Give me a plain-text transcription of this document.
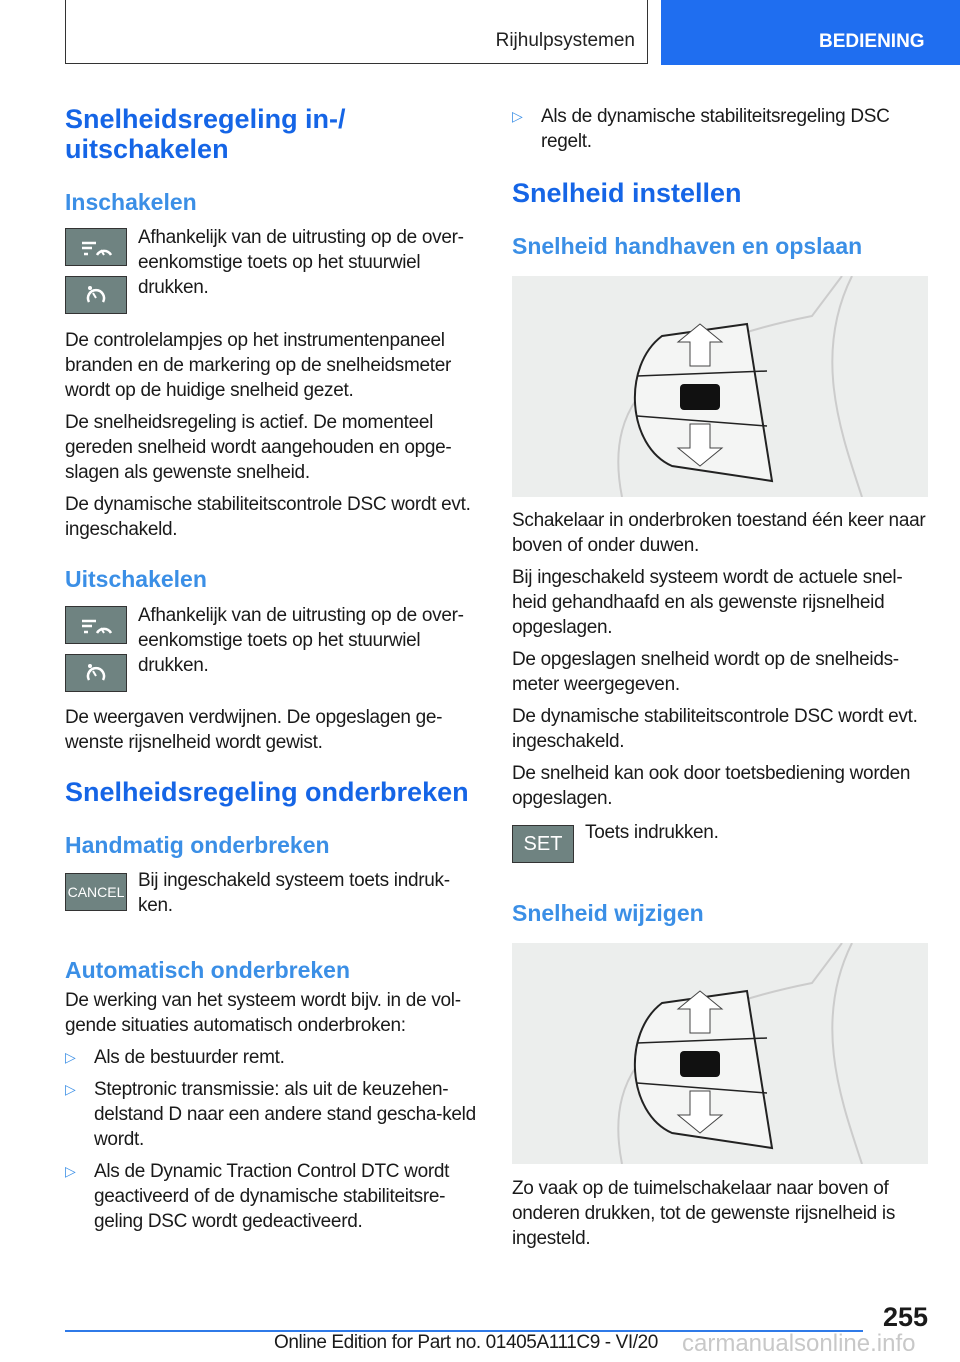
Rijhulpsystemen	BEDIENING
Snelheidsregeling in-/ uitschakelen
Inschakelen

Afhankelijk van de uitrusting op de over-eenkomstige toets op het stuurwiel drukken.

De controlelampjes op het instrumentenpaneel branden en de markering op de snelheidsmeter wordt op de huidige snelheid gezet.

De snelheidsregeling is actief. De momenteel gereden snelheid wordt aangehouden en opge-slagen als gewenste snelheid.

De dynamische stabiliteitscontrole DSC wordt evt. ingeschakeld.

Uitschakelen

Afhankelijk van de uitrusting op de over-eenkomstige toets op het stuurwiel drukken.

De weergaven verdwijnen. De opgeslagen ge-wenste rijsnelheid wordt gewist.

Snelheidsregeling onderbreken
Handmatig onderbreken
CANCEL

Bij ingeschakeld systeem toets indruk-ken.

Automatisch onderbreken

De werking van het systeem wordt bijv. in de vol-gende situaties automatisch onderbroken:

▷ Als de bestuurder remt.

▷ Steptronic transmissie: als uit de keuzehen-delstand D naar een andere stand gescha-keld wordt.

▷ Als de Dynamic Traction Control DTC wordt geactiveerd of de dynamische stabiliteitsre-geling DSC wordt gedeactiveerd.

▷ Als de dynamische stabiliteitsregeling DSC regelt.

Snelheid instellen
Snelheid handhaven en opslaan

Schakelaar in onderbroken toestand één keer naar boven of onder duwen.

Bij ingeschakeld systeem wordt de actuele snel-heid gehandhaafd en als gewenste rijsnelheid opgeslagen.

De opgeslagen snelheid wordt op de snelheids-meter weergegeven.

De dynamische stabiliteitscontrole DSC wordt evt. ingeschakeld.

De snelheid kan ook door toetsbediening worden opgeslagen.

SET	Toets indrukken.

Snelheid wijzigen

Zo vaak op de tuimelschakelaar naar boven of onderen drukken, tot de gewenste rijsnelheid is ingesteld.

255
Online Edition for Part no. 01405A111C9 - VI/20 carmanualsonline.info
